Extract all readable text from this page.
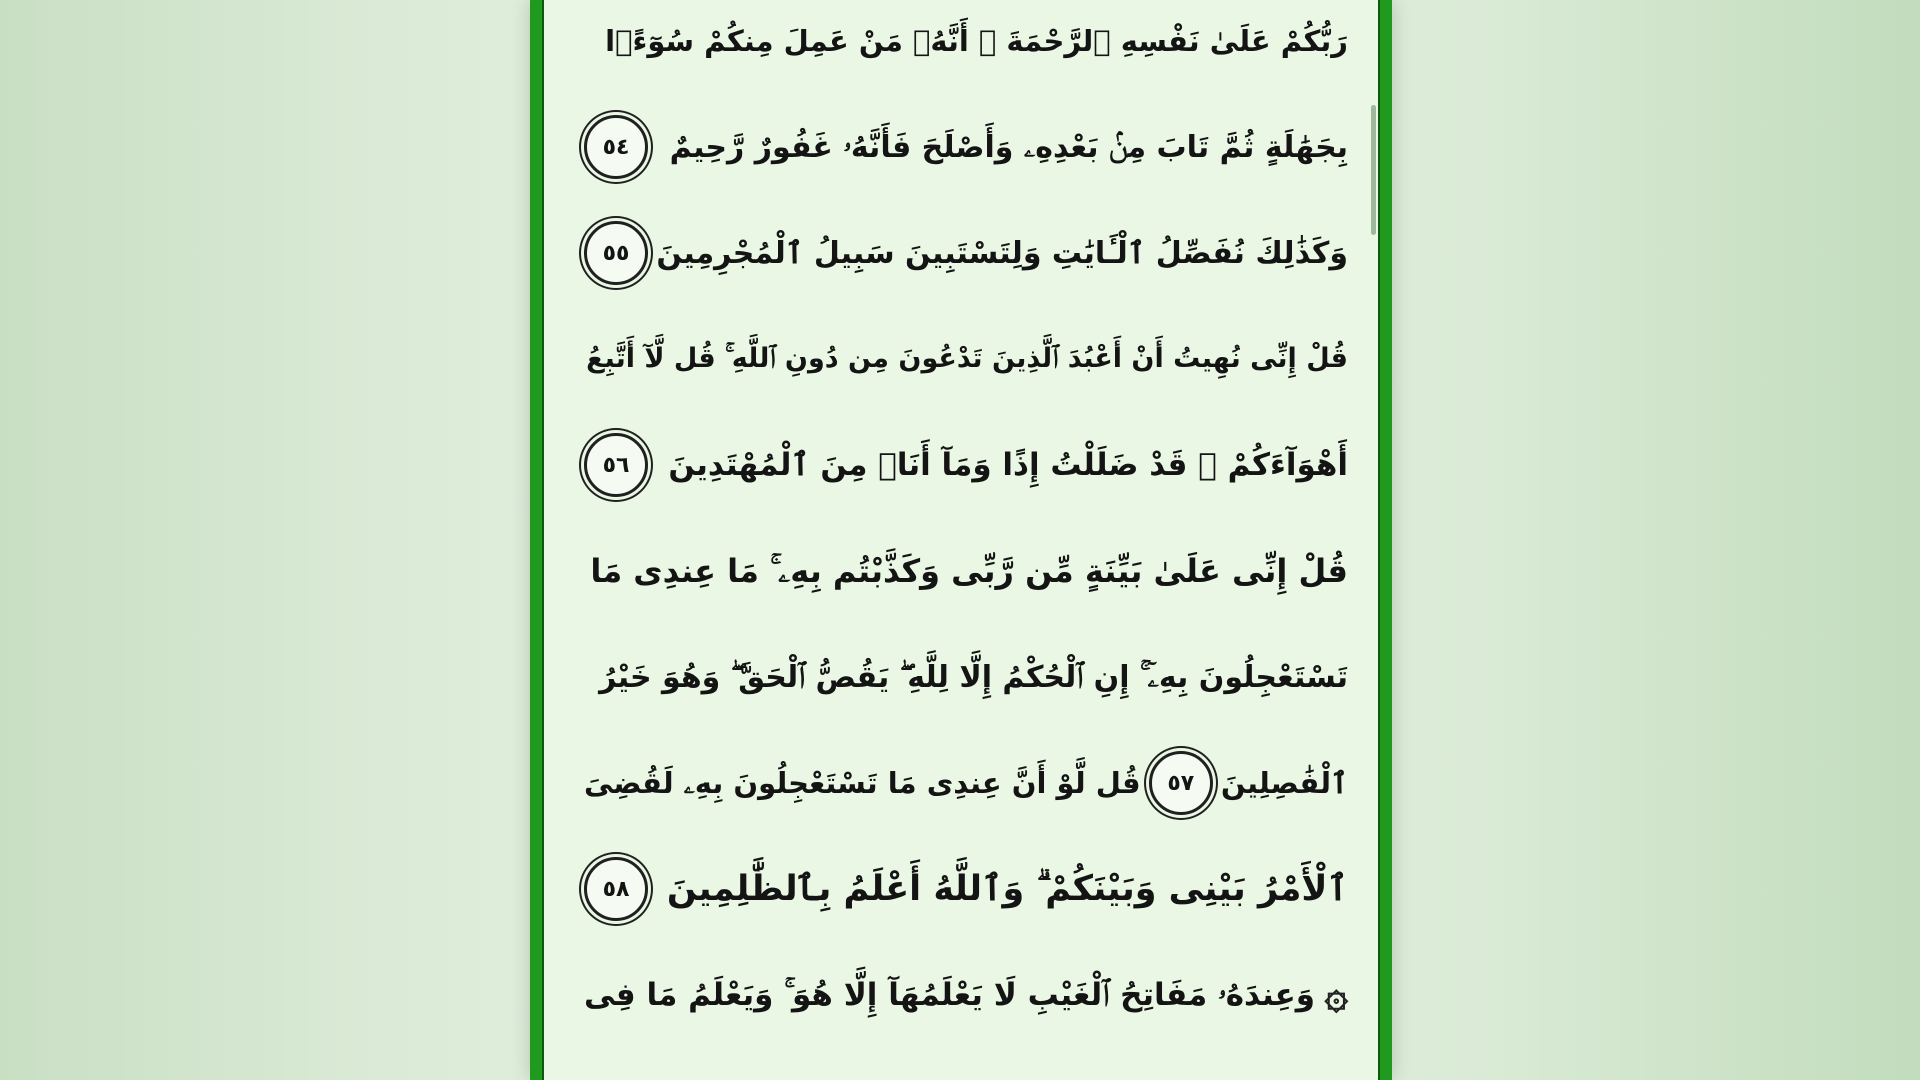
رَبُّكُمْ عَلَىٰ نَفْسِهِ ٱلرَّحْمَةَ ۖ أَنَّهُۥ مَنْ عَمِلَ مِنكُمْ سُوٓءًۢا
بِجَهَٰلَةٍ ثُمَّ تَابَ مِنۢ بَعْدِهِۦ وَأَصْلَحَ فَأَنَّهُۥ غَفُورٌ رَّحِيمٌ
٥٤
وَكَذَٰلِكَ نُفَصِّلُ ٱلْـَٔايَٰتِ وَلِتَسْتَبِينَ سَبِيلُ ٱلْمُجْرِمِينَ
٥٥
قُلْ إِنِّى نُهِيتُ أَنْ أَعْبُدَ ٱلَّذِينَ تَدْعُونَ مِن دُونِ ٱللَّهِ ۚ قُل لَّآ أَتَّبِعُ
أَهْوَآءَكُمْ ۙ قَدْ ضَلَلْتُ إِذًا وَمَآ أَنَا۠ مِنَ ٱلْمُهْتَدِينَ
٥٦
قُلْ إِنِّى عَلَىٰ بَيِّنَةٍ مِّن رَّبِّى وَكَذَّبْتُم بِهِۦ ۚ مَا عِندِى مَا
تَسْتَعْجِلُونَ بِهِۦٓ ۚ إِنِ ٱلْحُكْمُ إِلَّا لِلَّهِ ۖ يَقُصُّ ٱلْحَقَّ ۖ وَهُوَ خَيْرُ
ٱلْفَٰصِلِينَ
٥٧
قُل لَّوْ أَنَّ عِندِى مَا تَسْتَعْجِلُونَ بِهِۦ لَقُضِىَ
ٱلْأَمْرُ بَيْنِى وَبَيْنَكُمْ ۗ وَٱللَّهُ أَعْلَمُ بِٱلظَّٰلِمِينَ
٥٨
۞
وَعِندَهُۥ مَفَاتِحُ ٱلْغَيْبِ لَا يَعْلَمُهَآ إِلَّا هُوَ ۚ وَيَعْلَمُ مَا فِى
